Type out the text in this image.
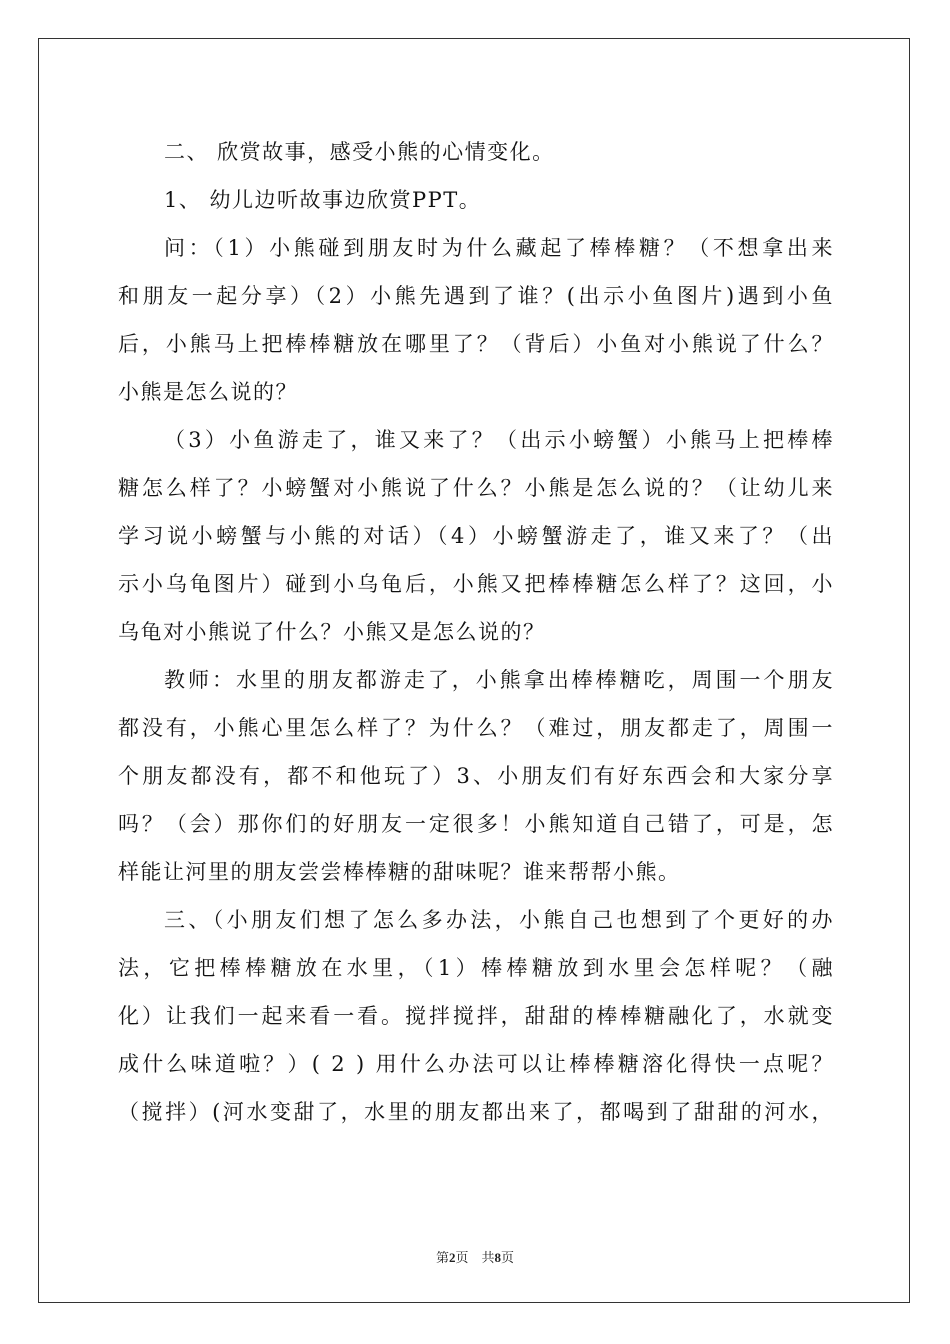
二、 欣赏故事，感受小熊的心情变化。
1、 幼儿边听故事边欣赏PPT。
问：（1）小熊碰到朋友时为什么藏起了棒棒糖？（不想拿出来
和朋友一起分享）（2）小熊先遇到了谁？(出示小鱼图片)遇到小鱼
后，小熊马上把棒棒糖放在哪里了？（背后）小鱼对小熊说了什么？
小熊是怎么说的？
（3）小鱼游走了，谁又来了？（出示小螃蟹）小熊马上把棒棒
糖怎么样了？小螃蟹对小熊说了什么？小熊是怎么说的？（让幼儿来
学习说小螃蟹与小熊的对话）（4）小螃蟹游走了，谁又来了？（出
示小乌龟图片）碰到小乌龟后，小熊又把棒棒糖怎么样了？这回，小
乌龟对小熊说了什么？小熊又是怎么说的？
教师：水里的朋友都游走了，小熊拿出棒棒糖吃，周围一个朋友
都没有，小熊心里怎么样了？为什么？（难过，朋友都走了，周围一
个朋友都没有，都不和他玩了）3、小朋友们有好东西会和大家分享
吗？（会）那你们的好朋友一定很多！小熊知道自己错了，可是，怎
样能让河里的朋友尝尝棒棒糖的甜味呢？谁来帮帮小熊。
三、（小朋友们想了怎么多办法，小熊自己也想到了个更好的办
法，它把棒棒糖放在水里，（1）棒棒糖放到水里会怎样呢？（融
化）让我们一起来看一看。搅拌搅拌，甜甜的棒棒糖融化了，水就变
成什么味道啦？）( 2 ) 用什么办法可以让棒棒糖溶化得快一点呢？
（搅拌）(河水变甜了，水里的朋友都出来了，都喝到了甜甜的河水，
第2页　共8页
